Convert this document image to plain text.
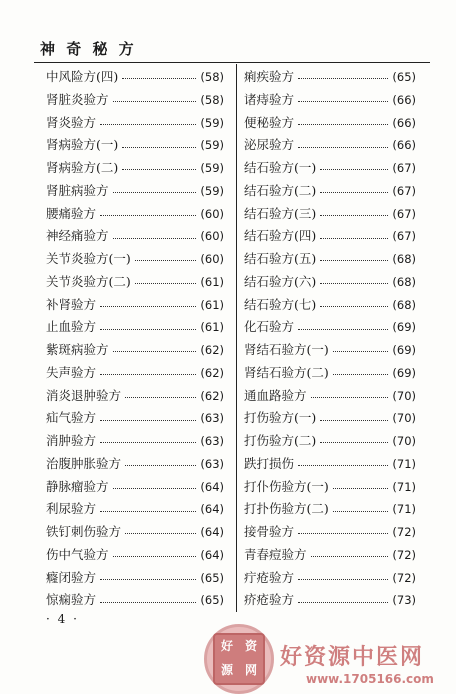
神 奇 秘 方
中风险方(四)	(58)
肾脏炎验方	(58)
肾炎验方	(59)
肾病验方(一)	(59)
肾病验方(二)	(59)
肾脏病验方	(59)
腰痛验方	(60)
神经痛验方	(60)
关节炎验方(一)	(60)
关节炎验方(二)	(61)
补肾验方	(61)
止血验方	(61)
紫斑病验方	(62)
失声验方	(62)
消炎退肿验方	(62)
疝气验方	(63)
消肿验方	(63)
治腹肿胀验方	(63)
静脉瘤验方	(64)
利尿验方	(64)
铁钉刺伤验方	(64)
伤中气验方	(64)
癃闭验方	(65)
惊痫验方	(65)
痢疾验方	(65)
诸痔验方	(66)
便秘验方	(66)
泌尿验方	(66)
结石验方(一)	(67)
结石验方(二)	(67)
结石验方(三)	(67)
结石验方(四)	(67)
结石验方(五)	(68)
结石验方(六)	(68)
结石验方(七)	(68)
化石验方	(69)
肾结石验方(一)	(69)
肾结石验方(二)	(69)
通血路验方	(70)
打伤验方(一)	(70)
打伤验方(二)	(70)
跌打损伤	(71)
打仆伤验方(一)	(71)
打扑伤验方(二)	(71)
接骨验方	(72)
青春痘验方	(72)
疔疮验方	(72)
疥疮验方	(73)
· 4 ·
好 资
源 网 好资源中医网
www.1705166.com
